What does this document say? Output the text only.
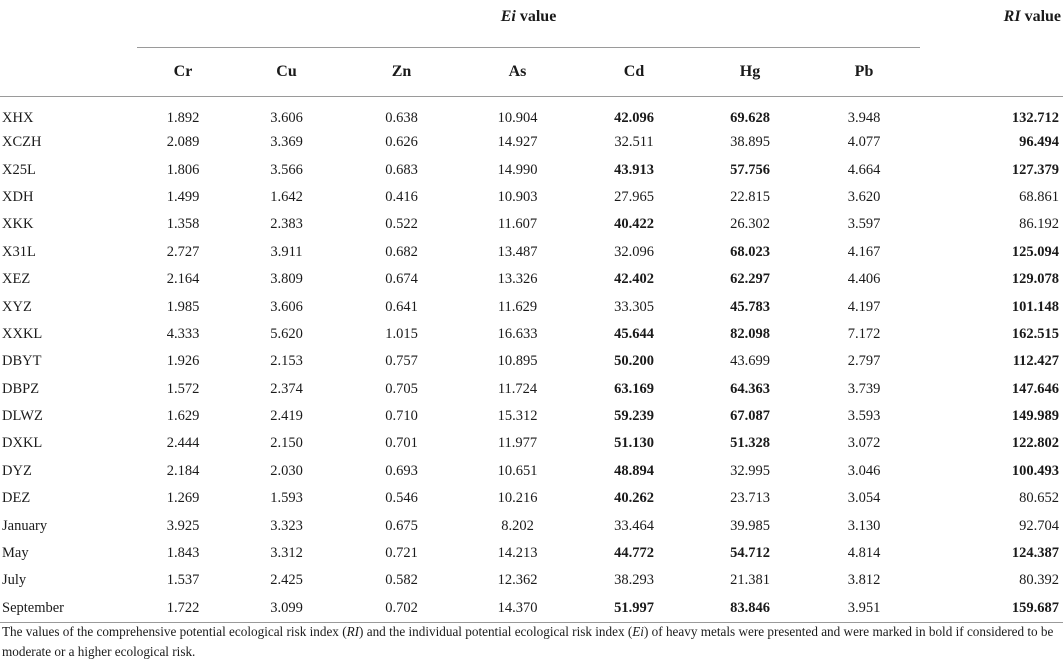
	Ei value								RI value
	Cr	Cu	Zn	As	Cd	Hg	Pb		
XHX	1.892	3.606	0.638	10.904	42.096	69.628	3.948		132.712
XCZH	2.089	3.369	0.626	14.927	32.511	38.895	4.077		96.494
X25L	1.806	3.566	0.683	14.990	43.913	57.756	4.664		127.379
XDH	1.499	1.642	0.416	10.903	27.965	22.815	3.620		68.861
XKK	1.358	2.383	0.522	11.607	40.422	26.302	3.597		86.192
X31L	2.727	3.911	0.682	13.487	32.096	68.023	4.167		125.094
XEZ	2.164	3.809	0.674	13.326	42.402	62.297	4.406		129.078
XYZ	1.985	3.606	0.641	11.629	33.305	45.783	4.197		101.148
XXKL	4.333	5.620	1.015	16.633	45.644	82.098	7.172		162.515
DBYT	1.926	2.153	0.757	10.895	50.200	43.699	2.797		112.427
DBPZ	1.572	2.374	0.705	11.724	63.169	64.363	3.739		147.646
DLWZ	1.629	2.419	0.710	15.312	59.239	67.087	3.593		149.989
DXKL	2.444	2.150	0.701	11.977	51.130	51.328	3.072		122.802
DYZ	2.184	2.030	0.693	10.651	48.894	32.995	3.046		100.493
DEZ	1.269	1.593	0.546	10.216	40.262	23.713	3.054		80.652
January	3.925	3.323	0.675	8.202	33.464	39.985	3.130		92.704
May	1.843	3.312	0.721	14.213	44.772	54.712	4.814		124.387
July	1.537	2.425	0.582	12.362	38.293	21.381	3.812		80.392
September	1.722	3.099	0.702	14.370	51.997	83.846	3.951		159.687
The values of the comprehensive potential ecological risk index (RI) and the individual potential ecological risk index (Ei) of heavy metals were presented and were marked in bold if considered to be moderate or a higher ecological risk.
